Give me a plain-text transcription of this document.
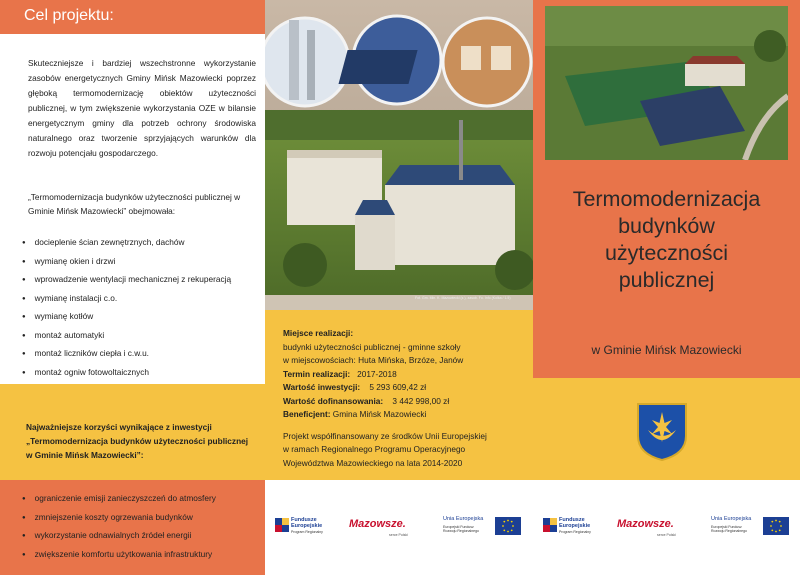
Cel projektu:

Skuteczniejsze i bardziej wszechstronne wykorzystanie zasobów energetycznych Gminy Mińsk Mazowiecki poprzez głęboką termomodernizację obiektów użyteczności publicznej, w tym zwiększenie wykorzystania OZE w bilansie energetycznym gminy dla potrzeb ochrony środowiska naturalnego oraz tworzenie sprzyjających warunków dla rozwoju potencjału gospodarczego.

„Termomodernizacja budynków użyteczności publicznej w Gminie Mińsk Mazowiecki” obejmowała:

● docieplenie ścian zewnętrznych, dachów
● wymianę okien i drzwi
● wprowadzenie wentylacji mechanicznej z rekuperacją
● wymianę instalacji c.o.
● wymianę kotłów
● montaż automatyki
● montaż liczników ciepła i c.w.u.
● montaż ogniw fotowoltaicznych
●

Najważniejsze korzyści wynikające z inwestycji „Termomodernizacja budynków użyteczności publicznej w Gminie Mińsk Mazowiecki”:

● ograniczenie emisji zanieczyszczeń do atmosfery
● zmniejszenie koszty ogrzewania budynków
● wykorzystanie odnawialnych źródeł energii
● zwiększenie komfortu użytkowania infrastruktury
Fot. Gm. Min. K. Mazowiecki (z.), zasob. Fo. Info (Kolka / 1.5)
Miejsce realizacji:
budynki użyteczności publicznej - gminne szkoły
w miejscowościach: Huta Mińska, Brzóze, Janów
Termin realizacji: 2017-2018
Wartość inwestycji: 5 293 609,42 zł
Wartość dofinansowania: 3 442 998,00 zł
Beneficjent: Gmina Mińsk Mazowiecki
Projekt współfinansowany ze środków Unii Europejskiej
w ramach Regionalnego Programu Operacyjnego
Województwa Mazowieckiego na lata 2014-2020
Fundusze Europejskie
Program Regionalny
Mazowsze.
serce Polski
Unia Europejska
Europejski Fundusz Rozwoju Regionalnego
Termomodernizacja
budynków
użyteczności
publicznej
w Gminie Mińsk Mazowiecki
Fundusze Europejskie
Program Regionalny
Mazowsze.
serce Polski
Unia Europejska
Europejski Fundusz Rozwoju Regionalnego
